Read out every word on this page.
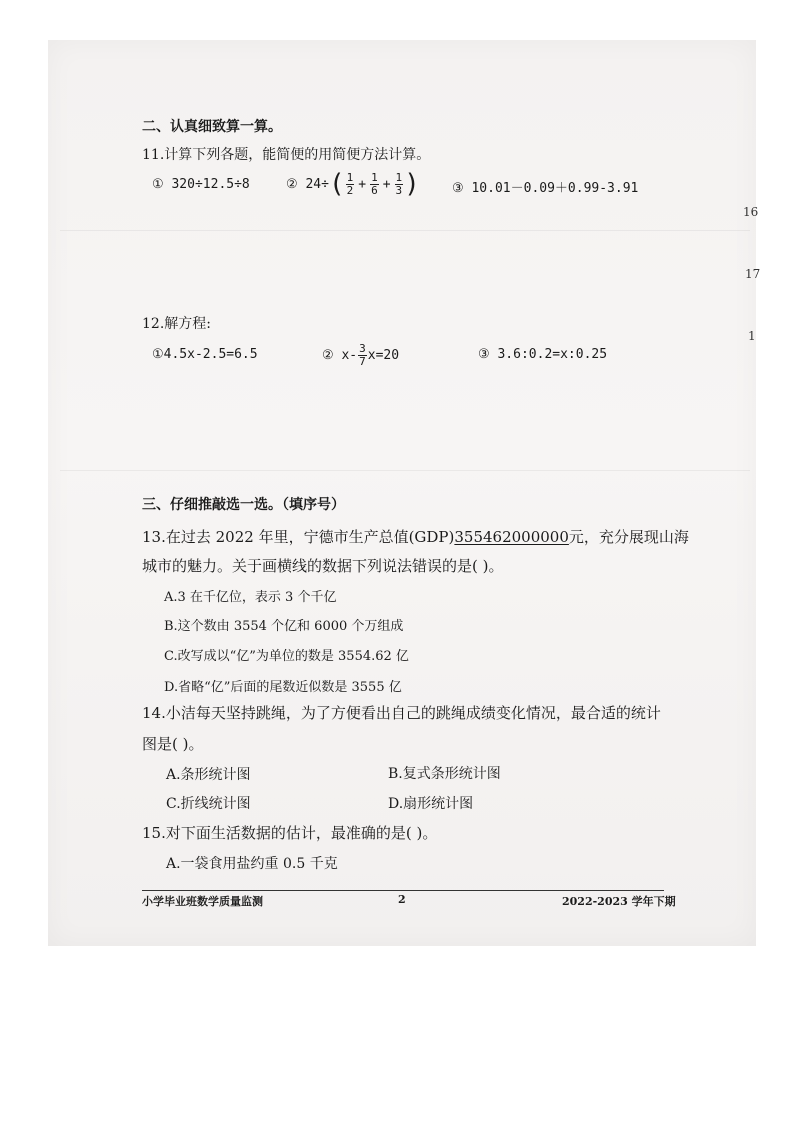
二、认真细致算一算。
11.计算下列各题，能简便的用简便方法计算。
① 320÷12.5÷8	② 24÷ ( $\frac{1}{2} + \frac{1}{6} + \frac{1}{3}$ ) ③ 10.01－0.09＋0.99-3.91
12.解方程:
①4.5x-2.5=6.5	② $x- \frac{3}{7} x=20$	③ 3.6:0.2=x:0.25
三、仔细推敲选一选。（填序号）
13.在过去 2022 年里，宁德市生产总值(GDP)355462000000元，充分展现山海
城市的魅力。关于画横线的数据下列说法错误的是( )。
A.3 在千亿位，表示 3 个千亿
B.这个数由 3554 个亿和 6000 个万组成
C.改写成以“亿”为单位的数是 3554.62 亿
D.省略“亿”后面的尾数近似数是 3555 亿
14.小洁每天坚持跳绳，为了方便看出自己的跳绳成绩变化情况，最合适的统计
图是( )。
A.条形统计图	B.复式条形统计图
C.折线统计图	D.扇形统计图
15.对下面生活数据的估计，最准确的是( )。
A.一袋食用盐约重 0.5 千克
小学毕业班数学质量监测	2	2022-2023 学年下期
16
17
1
